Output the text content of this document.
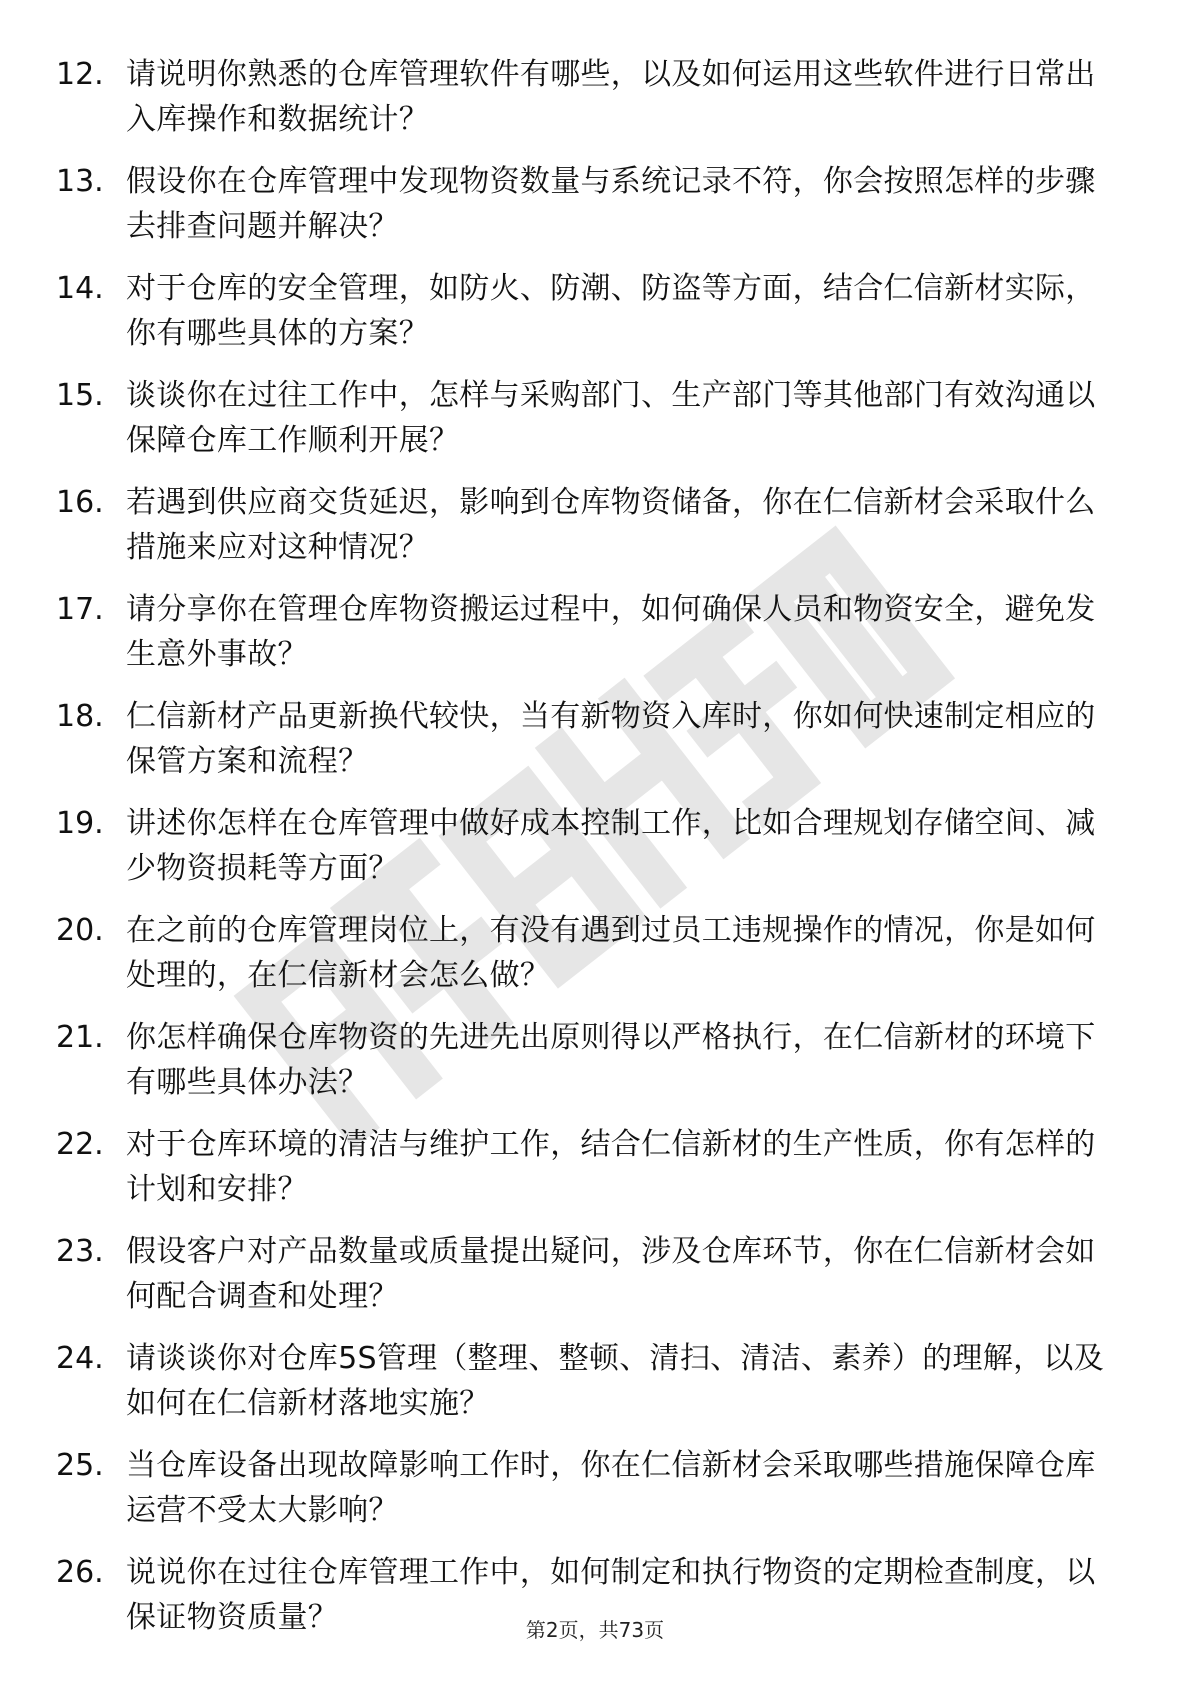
12. 请说明你熟悉的仓库管理软件有哪些，以及如何运用这些软件进行日常出入库操作和数据统计？
13. 假设你在仓库管理中发现物资数量与系统记录不符，你会按照怎样的步骤去排查问题并解决？
14. 对于仓库的安全管理，如防火、防潮、防盗等方面，结合仁信新材实际，你有哪些具体的方案？
15. 谈谈你在过往工作中，怎样与采购部门、生产部门等其他部门有效沟通以保障仓库工作顺利开展？
16. 若遇到供应商交货延迟，影响到仓库物资储备，你在仁信新材会采取什么措施来应对这种情况？
17. 请分享你在管理仓库物资搬运过程中，如何确保人员和物资安全，避免发生意外事故？
18. 仁信新材产品更新换代较快，当有新物资入库时，你如何快速制定相应的保管方案和流程？
19. 讲述你怎样在仓库管理中做好成本控制工作，比如合理规划存储空间、减少物资损耗等方面？
20. 在之前的仓库管理岗位上，有没有遇到过员工违规操作的情况，你是如何处理的，在仁信新材会怎么做？
21. 你怎样确保仓库物资的先进先出原则得以严格执行，在仁信新材的环境下有哪些具体办法？
22. 对于仓库环境的清洁与维护工作，结合仁信新材的生产性质，你有怎样的计划和安排？
23. 假设客户对产品数量或质量提出疑问，涉及仓库环节，你在仁信新材会如何配合调查和处理？
24. 请谈谈你对仓库5S管理（整理、整顿、清扫、清洁、素养）的理解，以及如何在仁信新材落地实施？
25. 当仓库设备出现故障影响工作时，你在仁信新材会采取哪些措施保障仓库运营不受太大影响？
26. 说说你在过往仓库管理工作中，如何制定和执行物资的定期检查制度，以保证物资质量？	第2页，共73页
